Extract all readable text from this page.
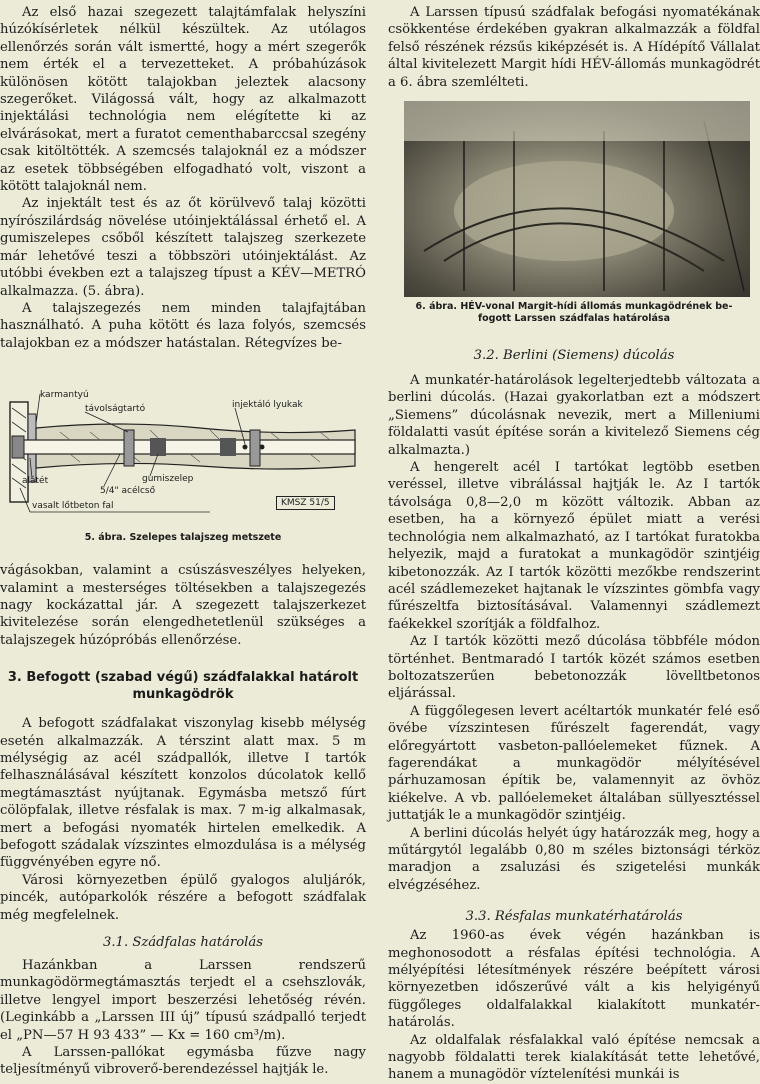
Az első hazai szegezett talajtámfalak helyszíni húzókísérletek nélkül készültek. Az utólagos ellenőrzés során vált ismertté, hogy a mért szegerők nem érték el a tervezetteket. A próbahúzások különösen kötött talajokban jeleztek alacsony szegerőket. Világossá vált, hogy az alkalmazott injektálási technológia nem elégítette ki az elvárásokat, mert a furatot cementhabarccsal szegény csak kitöltötték. A szemcsés talajoknál ez a módszer az esetek többségében elfogadható volt, viszont a kötött talajoknál nem.

Az injektált test és az őt körülvevő talaj közötti nyírószilárdság növelése utóinjektálással érhető el. A gumiszelepes csőből készített talajszeg szerkezete már lehetővé teszi a többszöri utóinjektálást. Az utóbbi években ezt a talajszeg típust a KÉV—METRÓ alkalmazza. (5. ábra).

A talajszegezés nem minden talajfajtában használható. A puha kötött és laza folyós, szemcsés talajokban ez a módszer hatástalan. Rétegvízes be-

karmantyú
távolságtartó	injektáló lyukak
gumiszelep
5/4" acélcső
alátét
vasalt lőtbeton fal	KMSZ 51/5
5. ábra. Szelepes talajszeg metszete

vágásokban, valamint a csúszásveszélyes helyeken, valamint a mesterséges töltésekben a talajszegezés nagy kockázattal jár. A szegezett talajszerkezet kivitelezése során elengedhetetlenül szükséges a talajszegek húzópróbás ellenőrzése.

3. Befogott (szabad végű) szádfalakkal határolt
munkagödrök

A befogott szádfalakat viszonylag kisebb mélység esetén alkalmazzák. A térszint alatt max. 5 m mélységig az acél szádpallók, illetve I tartók felhasználásával készített konzolos dúcolatok kellő megtámasztást nyújtanak. Egymásba metsző fúrt cölöpfalak, illetve résfalak is max. 7 m-ig alkalmasak, mert a befogási nyomaték hirtelen emelkedik. A befogott szádalak vízszintes elmozdulása is a mélység függvényében egyre nő.

Városi környezetben épülő gyalogos aluljárók, pincék, autóparkolók részére a befogott szádfalak még megfelelnek.

3.1. Szádfalas határolás

Hazánkban a Larssen rendszerű munkagödörmegtámasztás terjedt el a csehszlovák, illetve lengyel import beszerzési lehetőség révén. (Leginkább a „Larssen III új” típusú szádpalló terjedt el „PN—57 H 93 433” — Kx = 160 cm³/m).

A Larssen-pallókat egymásba fűzve nagy teljesítményű vibroverő-berendezéssel hajtják le.

A Larssen típusú szádfalak befogási nyomatékának csökkentése érdekében gyakran alkalmazzák a földfal felső részének rézsűs kiképzését is. A Hídépítő Vállalat által kivitelezett Margit hídi HÉV-állomás munkagödrét a 6. ábra szemlélteti.

6. ábra. HÉV-vonal Margit-hídi állomás munkagödrének be-
fogott Larssen szádfalas határolása
3.2. Berlini (Siemens) dúcolás

A munkatér-határolások legelterjedtebb változata a berlini dúcolás. (Hazai gyakorlatban ezt a módszert „Siemens” dúcolásnak nevezik, mert a Milleniumi földalatti vasút építése során a kivitelező Siemens cég alkalmazta.)

A hengerelt acél I tartókat legtöbb esetben veréssel, illetve vibrálással hajtják le. Az I tartók távolsága 0,8—2,0 m között változik. Abban az esetben, ha a környező épület miatt a verési technológia nem alkalmazható, az I tartókat furatokba helyezik, majd a furatokat a munkagödör szintjéig kibetonozzák. Az I tartók közötti mezőkbe rendszerint acél szádlemezeket hajtanak le vízszintes gömbfa vagy fűrészeltfa biztosításával. Valamennyi szádlemezt faékekkel szorítják a földfalhoz.

Az I tartók közötti mező dúcolása többféle módon történhet. Bentmaradó I tartók közét számos esetben boltozatszerűen bebetonozzák lövelltbetonos eljárással.

A függőlegesen levert acéltartók munkatér felé eső övébe vízszintesen fűrészelt fagerendát, vagy előregyártott vasbeton-pallóelemeket fűznek. A fagerendákat a munkagödör mélyítésével párhuzamosan építik be, valamennyit az övhöz kiékelve. A vb. pallóelemeket általában süllyesztéssel juttatják le a munkagödör szintjéig.

A berlini dúcolás helyét úgy határozzák meg, hogy a műtárgytól legalább 0,80 m széles biztonsági térköz maradjon a zsaluzási és szigetelési munkák elvégzéséhez.

3.3. Résfalas munkatérhatárolás

Az 1960-as évek végén hazánkban is meghonosodott a résfalas építési technológia. A mélyépítési létesítmények részére beépített városi környezetben időszerűvé vált a kis helyigényű függőleges oldalfalakkal kialakított munkatér-határolás.

Az oldalfalak résfalakkal való építése nemcsak a nagyobb földalatti terek kialakítását tette lehetővé, hanem a munagödör víztelenítési munkái is
